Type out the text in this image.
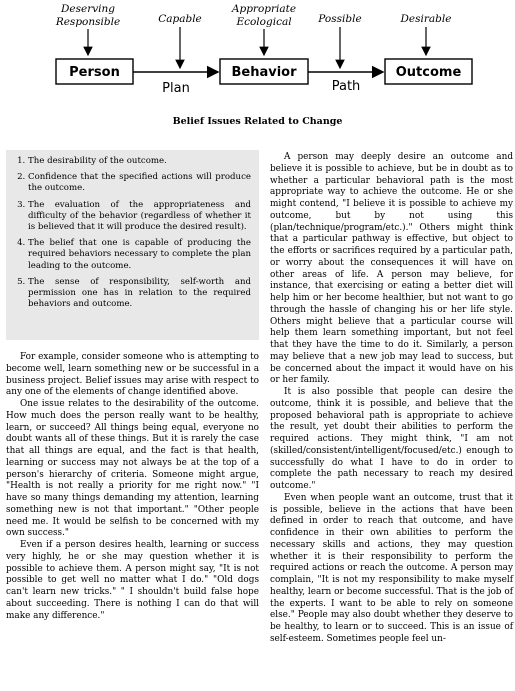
Deserving
Responsible	Capable
Appropriate
Ecological	Possible	Desirable
Person	Behavior	Outcome
Plan	Path
Belief Issues Related to Change
1. The desirability of the outcome.
2. Confidence that the specified actions will produce the outcome.
3. The evaluation of the appropriateness and difficulty of the behavior (regardless of whether it is believed that it will produce the desired result).
4. The belief that one is capable of producing the required behaviors necessary to complete the plan leading to the outcome.
5. The sense of responsibility, self-worth and permission one has in relation to the required behaviors and outcome.

For example, consider someone who is attempting to become well, learn something new or be successful in a business project. Belief issues may arise with respect to any one of the elements of change identified above.

One issue relates to the desirability of the outcome. How much does the person really want to be healthy, learn, or succeed? All things being equal, everyone no doubt wants all of these things. But it is rarely the case that all things are equal, and the fact is that health, learning or success may not always be at the top of a person's hierarchy of criteria. Someone might argue, "Health is not really a priority for me right now." "I have so many things demanding my attention, learning something new is not that important." "Other people need me. It would be selfish to be concerned with my own success."

Even if a person desires health, learning or success very highly, he or she may question whether it is possible to achieve them. A person might say, "It is not possible to get well no matter what I do." "Old dogs can't learn new tricks." " I shouldn't build false hope about succeeding. There is nothing I can do that will make any difference."

A person may deeply desire an outcome and believe it is possible to achieve, but be in doubt as to whether a particular behavioral path is the most appropriate way to achieve the outcome. He or she might contend, "I believe it is possible to achieve my outcome, but by not using this (plan/technique/program/etc.)." Others might think that a particular pathway is effective, but object to the efforts or sacrifices required by a particular path, or worry about the consequences it will have on other areas of life. A person may believe, for instance, that exercising or eating a better diet will help him or her become healthier, but not want to go through the hassle of changing his or her life style. Others might believe that a particular course will help them learn something important, but not feel that they have the time to do it. Similarly, a person may believe that a new job may lead to success, but be concerned about the impact it would have on his or her family.

It is also possible that people can desire the outcome, think it is possible, and believe that the proposed behavioral path is appropriate to achieve the result, yet doubt their abilities to perform the required actions. They might think, "I am not (skilled/consistent/intelligent/focused/etc.) enough to successfully do what I have to do in order to complete the path necessary to reach my desired outcome."

Even when people want an outcome, trust that it is possible, believe in the actions that have been defined in order to reach that outcome, and have confidence in their own abilities to perform the necessary skills and actions, they may question whether it is their responsibility to perform the required actions or reach the outcome. A person may complain, "It is not my responsibility to make myself healthy, learn or become successful. That is the job of the experts. I want to be able to rely on someone else." People may also doubt whether they deserve to be healthy, to learn or to succeed. This is an issue of self-esteem. Sometimes people feel un-
